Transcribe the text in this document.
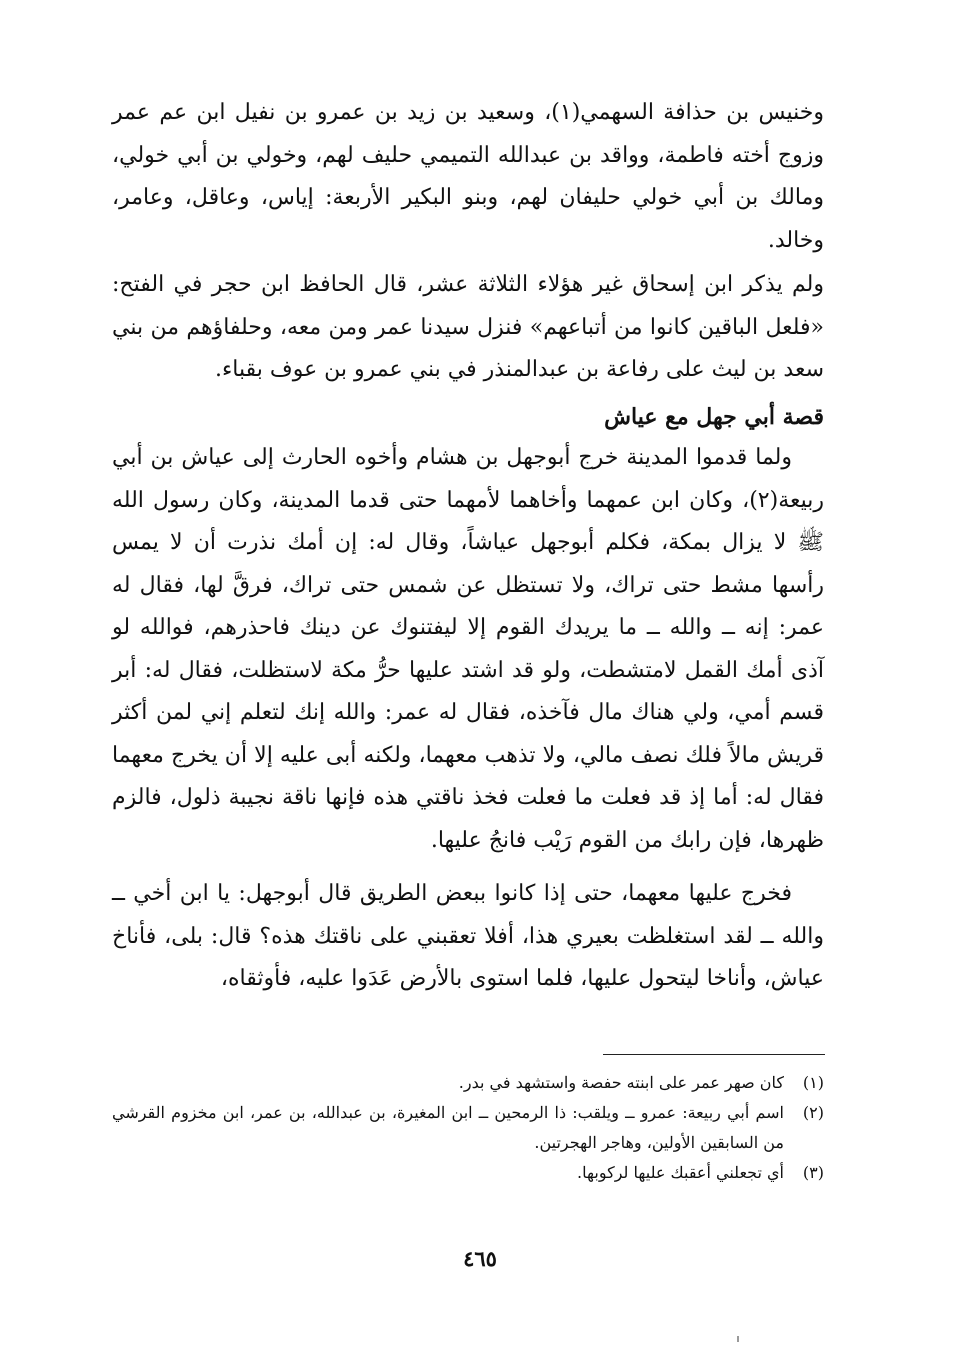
وخنيس بن حذافة السهمي(١)، وسعيد بن زيد بن عمرو بن نفيل ابن عم عمر وزوج أخته فاطمة، وواقد بن عبدالله التميمي حليف لهم، وخولي بن أبي خولي، ومالك بن أبي خولي حليفان لهم، وبنو البكير الأربعة: إياس، وعاقل، وعامر، وخالد.

ولم يذكر ابن إسحاق غير هؤلاء الثلاثة عشر، قال الحافظ ابن حجر في الفتح: «فلعل الباقين كانوا من أتباعهم» فنزل سيدنا عمر ومن معه، وحلفاؤهم من بني سعد بن ليث على رفاعة بن عبدالمنذر في بني عمرو بن عوف بقباء.

قصة أبي جهل مع عياش

ولما قدموا المدينة خرج أبوجهل بن هشام وأخوه الحارث إلى عياش بن أبي ربيعة(٢)، وكان ابن عمهما وأخاهما لأمهما حتى قدما المدينة، وكان رسول الله ﷺ لا يزال بمكة، فكلم أبوجهل عياشاً، وقال له: إن أمك نذرت أن لا يمس رأسها مشط حتى تراك، ولا تستظل عن شمس حتى تراك، فرقَّ لها، فقال له عمر: إنه ــ والله ــ ما يريدك القوم إلا ليفتنوك عن دينك فاحذرهم، فوالله لو آذى أمك القمل لامتشطت، ولو قد اشتد عليها حرُّ مكة لاستظلت، فقال له: أبر قسم أمي، ولي هناك مال فآخذه، فقال له عمر: والله إنك لتعلم إني لمن أكثر قريش مالاً فلك نصف مالي، ولا تذهب معهما، ولكنه أبى عليه إلا أن يخرج معهما فقال له: أما إذ قد فعلت ما فعلت فخذ ناقتي هذه فإنها ناقة نجيبة ذلول، فالزم ظهرها، فإن رابك من القوم رَيْب فانجُ عليها.

فخرج عليها معهما، حتى إذا كانوا ببعض الطريق قال أبوجهل: يا ابن أخي ــ والله ــ لقد استغلظت بعيري هذا، أفلا تعقبني على ناقتك هذه؟ قال: بلى، فأناخ عياش، وأناخا ليتحول عليها، فلما استوى بالأرض عَدَوا عليه، فأوثقاه،

(١)
كان صهر عمر على ابنته حفصة واستشهد في بدر.
(٢)
اسم أبي ربيعة: عمرو ــ ويلقب: ذا الرمحين ــ ابن المغيرة، بن عبدالله، بن عمر، ابن مخزوم القرشي من السابقين الأولين، وهاجر الهجرتين.
(٣)
أي تجعلني أعقبك عليها لركوبها.
٤٦٥
